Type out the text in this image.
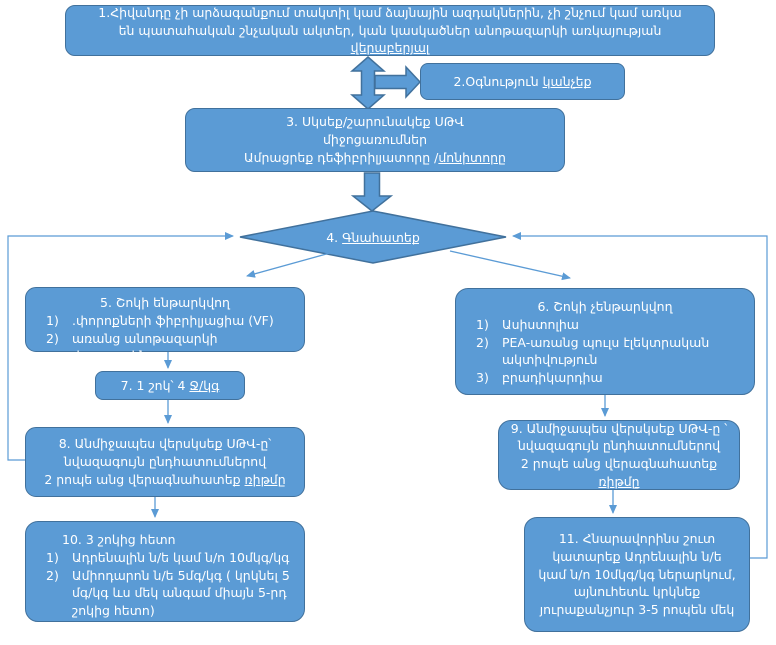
1.Հիվանդը չի արձագանքում տակտիլ կամ ձայնային ազդակներին, չի շնչում կամ առկա են պատահական շնչական ակտեր, կան կասկածներ անոթազարկի առկայության վերաբերյալ
2.Օգնություն կանչեք
3. Սկսեք/շարունակեք ՍԹՎ
միջոցառումներ
Ամրացրեք դեֆիբրիլյատորը /մոնիտորը
4. Գնահատեք
5. Շոկի ենթարկվող
1)	.փորոքների ֆիբրիլյացիա (VF)
2)	առանց անոթազարկի փորոքային
6. Շոկի չենթարկվող
1)	Ասիստոլիա
2)	PEA-առանց պուլս էլեկտրական ակտիվություն
3)	բրադիկարդիա
7. 1 շոկ՝ 4 Ջ/կգ
8. Անմիջապես վերսկսեք ՍԹՎ-ը՝
նվազագույն ընդհատումներով
2 րոպե անց վերագնահատեք ռիթմը
9. Անմիջապես վերսկսեք ՍԹՎ-ը ՝
նվազագույն ընդհատումներով
2 րոպե անց վերագնահատեք ռիթմը
10. 3 շոկից հետո
1)	Ադրենալին ն/ե կամ ն/ո 10մկգ/կգ
2)	Ամիոդարոն ն/ե 5մգ/կգ ( կրկնել 5 մգ/կգ ևս մեկ անգամ միայն 5-րդ շոկից հետո)
11. Հնարավորինս շուտ կատարեք Ադրենալին ն/ե կամ ն/ո 10մկգ/կգ ներարկում, այնուհետև կրկնեք յուրաքանչյուր 3-5 րոպեն մեկ
